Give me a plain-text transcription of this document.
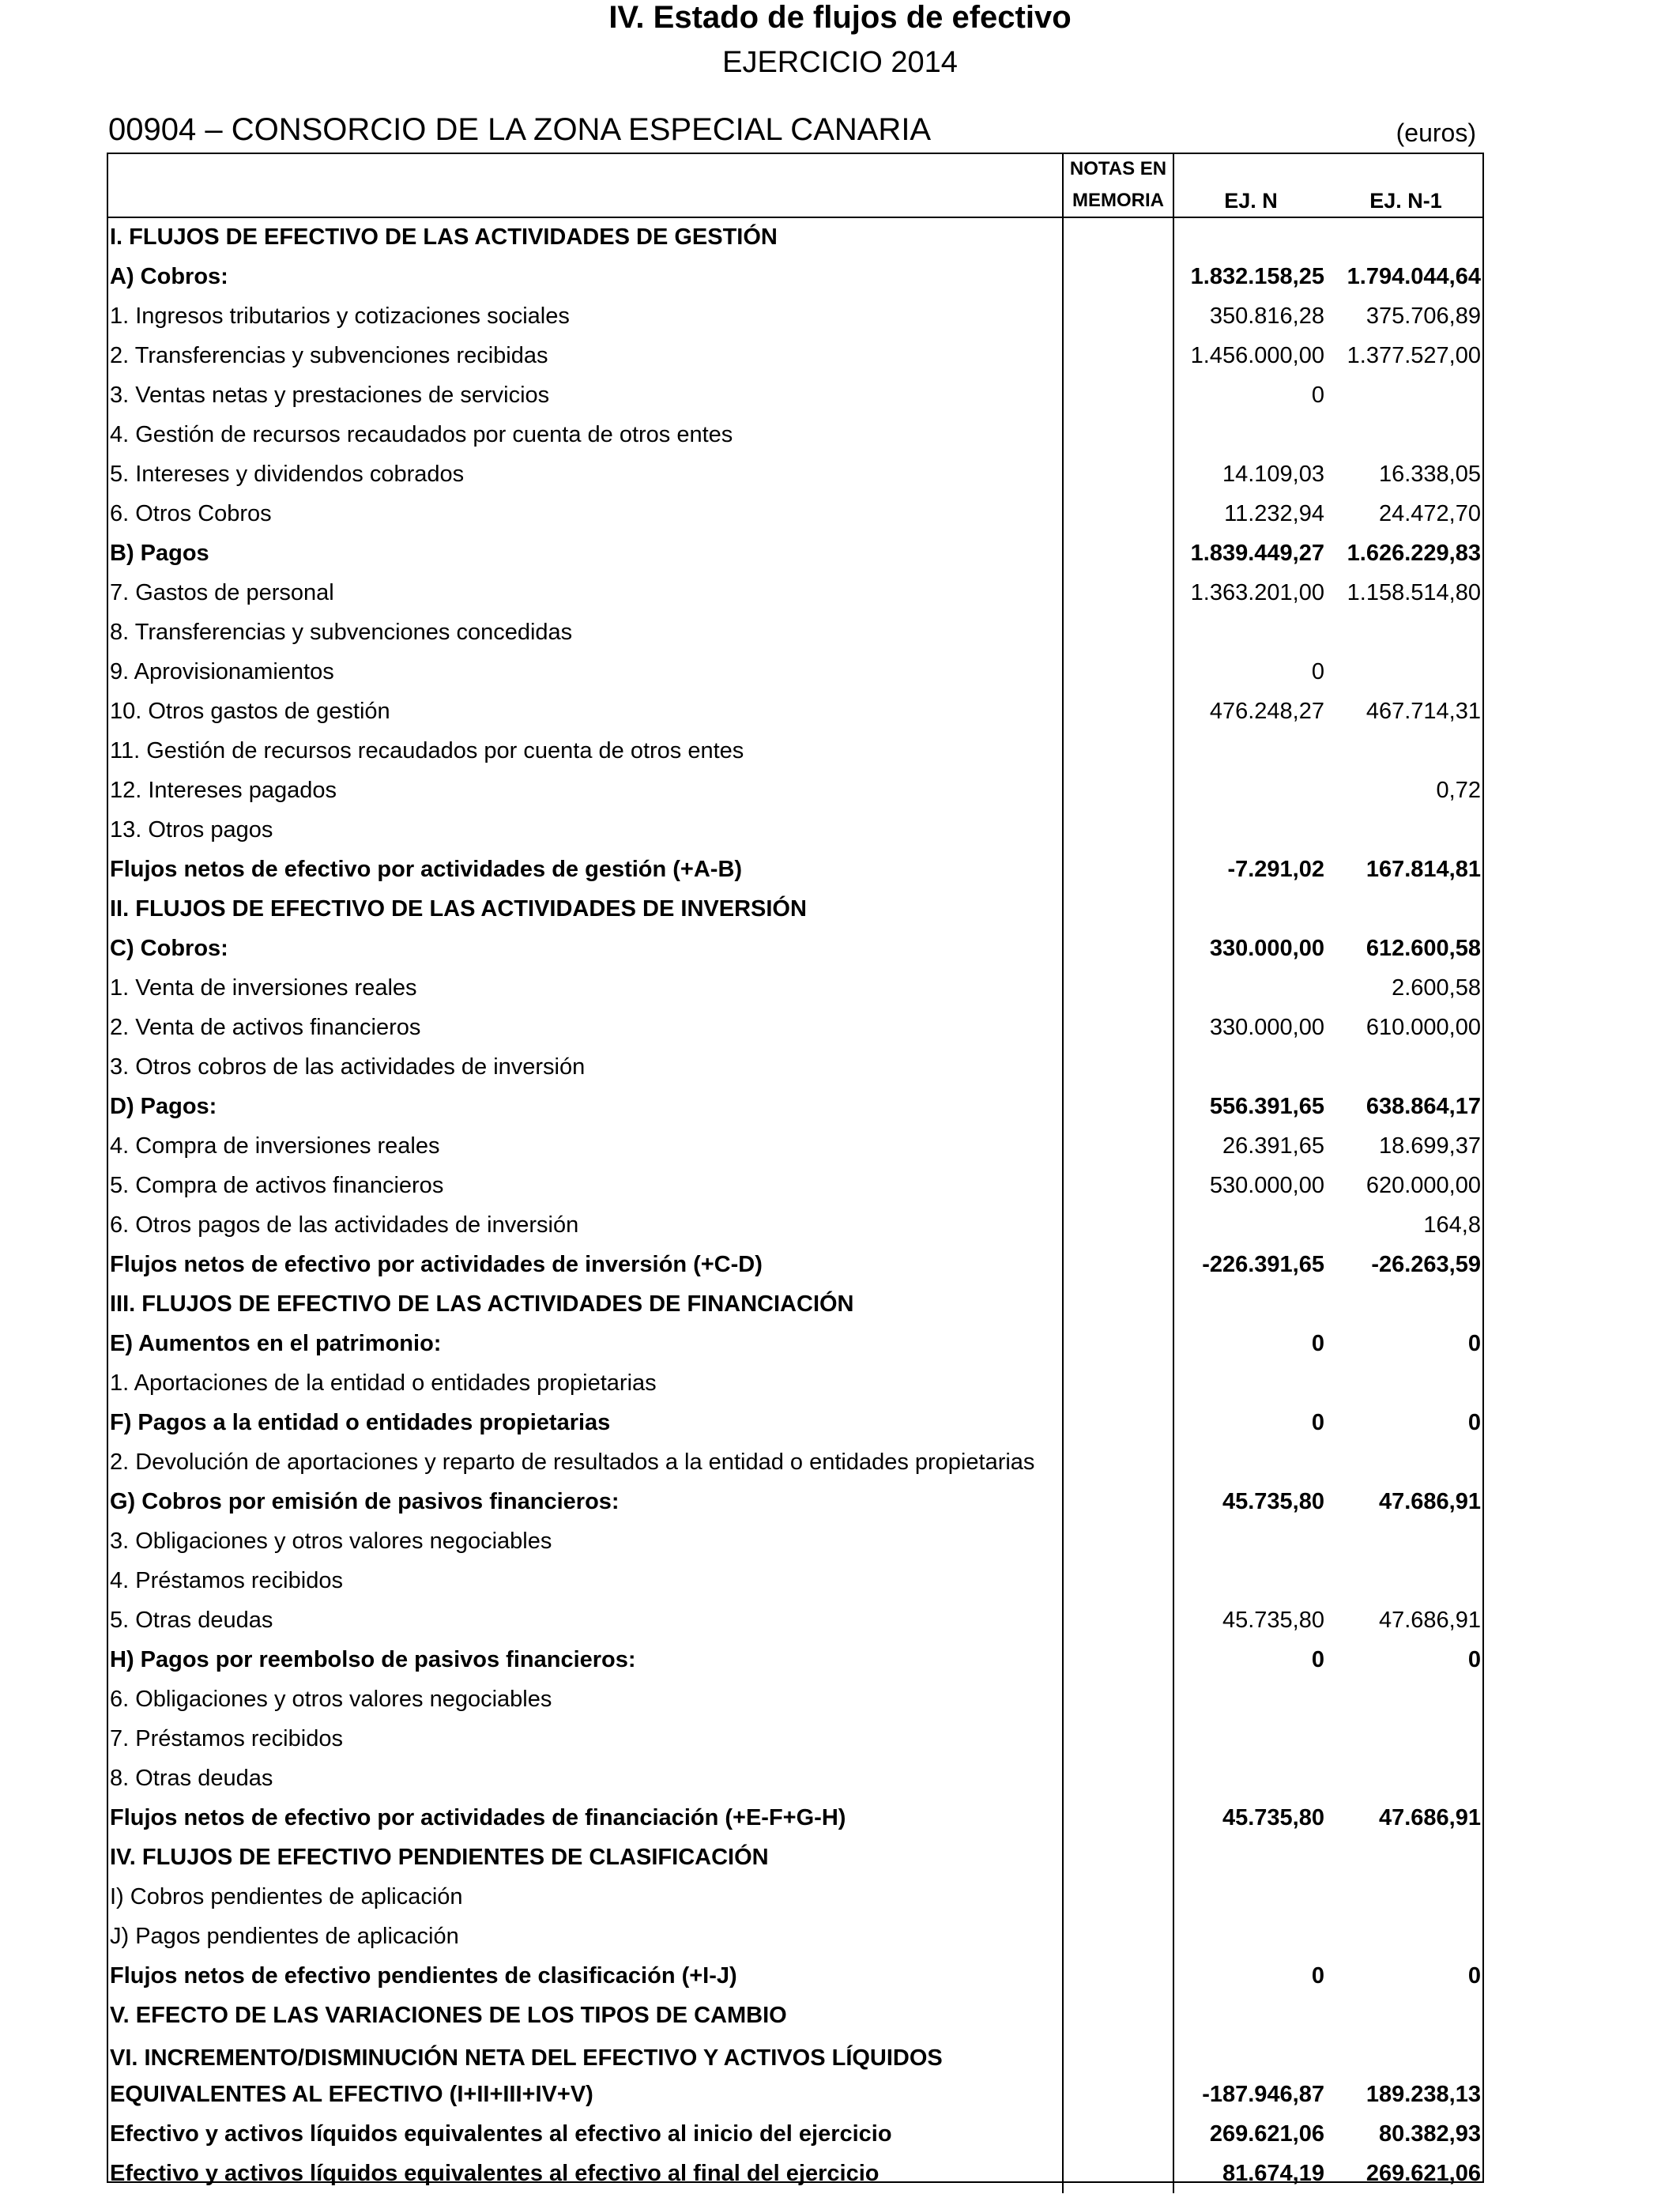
IV. Estado de flujos de efectivo
EJERCICIO 2014
00904 – CONSORCIO DE LA ZONA ESPECIAL CANARIA	(euros)
	NOTAS EN
MEMORIA	EJ. N	EJ. N-1
I. FLUJOS DE EFECTIVO DE LAS ACTIVIDADES DE GESTIÓN			
A) Cobros:		1.832.158,25	1.794.044,64
1. Ingresos tributarios y cotizaciones sociales		350.816,28	375.706,89
2. Transferencias y subvenciones recibidas		1.456.000,00	1.377.527,00
3. Ventas netas y prestaciones de servicios		0	
4. Gestión de recursos recaudados por cuenta de otros entes			
5. Intereses y dividendos cobrados		14.109,03	16.338,05
6. Otros Cobros		11.232,94	24.472,70
B) Pagos		1.839.449,27	1.626.229,83
7. Gastos de personal		1.363.201,00	1.158.514,80
8. Transferencias y subvenciones concedidas			
9. Aprovisionamientos		0	
10. Otros gastos de gestión		476.248,27	467.714,31
11. Gestión de recursos recaudados por cuenta de otros entes			
12. Intereses pagados			0,72
13. Otros pagos			
Flujos netos de efectivo por actividades de gestión (+A-B)		-7.291,02	167.814,81
II. FLUJOS DE EFECTIVO DE LAS ACTIVIDADES DE INVERSIÓN			
C) Cobros:		330.000,00	612.600,58
1. Venta de inversiones reales			2.600,58
2. Venta de activos financieros		330.000,00	610.000,00
3. Otros cobros de las actividades de inversión			
D) Pagos:		556.391,65	638.864,17
4. Compra de inversiones reales		26.391,65	18.699,37
5. Compra de activos financieros		530.000,00	620.000,00
6. Otros pagos de las actividades de inversión			164,8
Flujos netos de efectivo por actividades de inversión (+C-D)		-226.391,65	-26.263,59
III. FLUJOS DE EFECTIVO DE LAS ACTIVIDADES DE FINANCIACIÓN			
E) Aumentos en el patrimonio:		0	0
1. Aportaciones de la entidad o entidades propietarias			
F) Pagos a la entidad o entidades propietarias		0	0
2. Devolución de aportaciones y reparto de resultados a la entidad o entidades propietarias			
G) Cobros por emisión de pasivos financieros:		45.735,80	47.686,91
3. Obligaciones y otros valores negociables			
4. Préstamos recibidos			
5. Otras deudas		45.735,80	47.686,91
H) Pagos por reembolso de pasivos financieros:		0	0
6. Obligaciones y otros valores negociables			
7. Préstamos recibidos			
8. Otras deudas			
Flujos netos de efectivo por actividades de financiación (+E-F+G-H)		45.735,80	47.686,91
IV. FLUJOS DE EFECTIVO PENDIENTES DE CLASIFICACIÓN			
I) Cobros pendientes de aplicación			
J) Pagos pendientes de aplicación			
Flujos netos de efectivo pendientes de clasificación (+I-J)		0	0
V. EFECTO DE LAS VARIACIONES DE LOS TIPOS DE CAMBIO			
VI. INCREMENTO/DISMINUCIÓN NETA DEL EFECTIVO Y ACTIVOS LÍQUIDOS
EQUIVALENTES AL EFECTIVO (I+II+III+IV+V)		-187.946,87	189.238,13
Efectivo y activos líquidos equivalentes al efectivo al inicio del ejercicio		269.621,06	80.382,93
Efectivo y activos líquidos equivalentes al efectivo al final del ejercicio		81.674,19	269.621,06
